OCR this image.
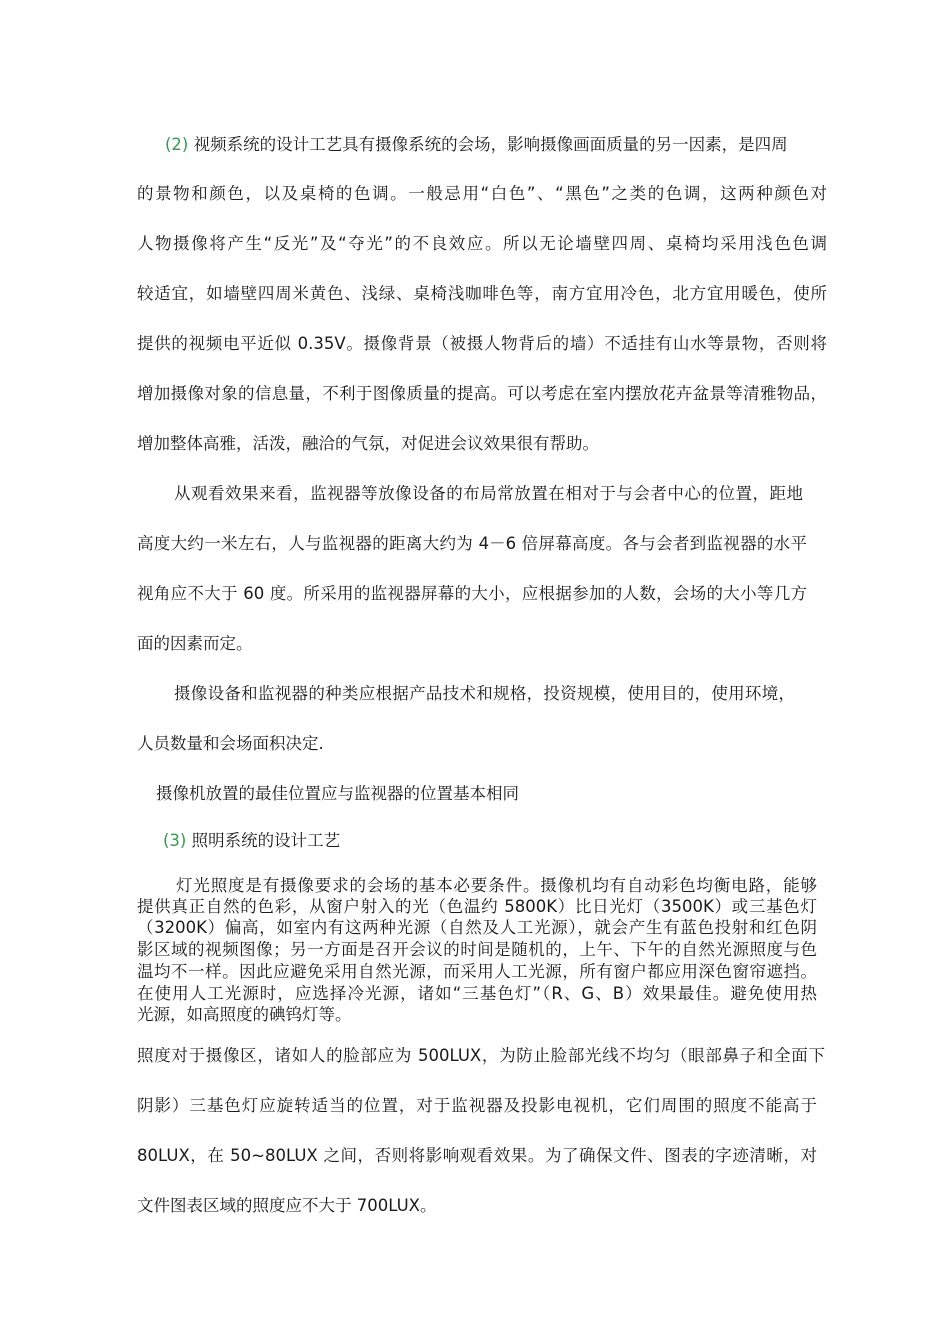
(2) 视频系统的设计工艺具有摄像系统的会场，影响摄像画面质量的另一因素，是四周
的景物和颜色，以及桌椅的色调。一般忌用“白色”、“黑色”之类的色调，这两种颜色对
人物摄像将产生“反光”及“夺光”的不良效应。所以无论墙壁四周、桌椅均采用浅色色调
较适宜，如墙壁四周米黄色、浅绿、桌椅浅咖啡色等，南方宜用冷色，北方宜用暖色，使所
提供的视频电平近似 0.35V。摄像背景（被摄人物背后的墙）不适挂有山水等景物，否则将
增加摄像对象的信息量，不利于图像质量的提高。可以考虑在室内摆放花卉盆景等清雅物品，
增加整体高雅，活泼，融洽的气氛，对促进会议效果很有帮助。
从观看效果来看，监视器等放像设备的布局常放置在相对于与会者中心的位置，距地
高度大约一米左右，人与监视器的距离大约为 4－6 倍屏幕高度。各与会者到监视器的水平
视角应不大于 60 度。所采用的监视器屏幕的大小，应根据参加的人数，会场的大小等几方
面的因素而定。
摄像设备和监视器的种类应根据产品技术和规格，投资规模，使用目的，使用环境，
人员数量和会场面积决定.
摄像机放置的最佳位置应与监视器的位置基本相同
(3) 照明系统的设计工艺
灯光照度是有摄像要求的会场的基本必要条件。摄像机均有自动彩色均衡电路，能够
提供真正自然的色彩，从窗户射入的光（色温约 5800K）比日光灯（3500K）或三基色灯
（3200K）偏高，如室内有这两种光源（自然及人工光源），就会产生有蓝色投射和红色阴
影区域的视频图像；另一方面是召开会议的时间是随机的，上午、下午的自然光源照度与色
温均不一样。因此应避免采用自然光源，而采用人工光源，所有窗户都应用深色窗帘遮挡。
在使用人工光源时，应选择冷光源，诸如“三基色灯”（R、G、B）效果最佳。避免使用热
光源，如高照度的碘钨灯等。
照度对于摄像区，诸如人的脸部应为 500LUX，为防止脸部光线不均匀（眼部鼻子和全面下
阴影）三基色灯应旋转适当的位置，对于监视器及投影电视机，它们周围的照度不能高于
80LUX，在 50~80LUX 之间，否则将影响观看效果。为了确保文件、图表的字迹清晰，对
文件图表区域的照度应不大于 700LUX。
